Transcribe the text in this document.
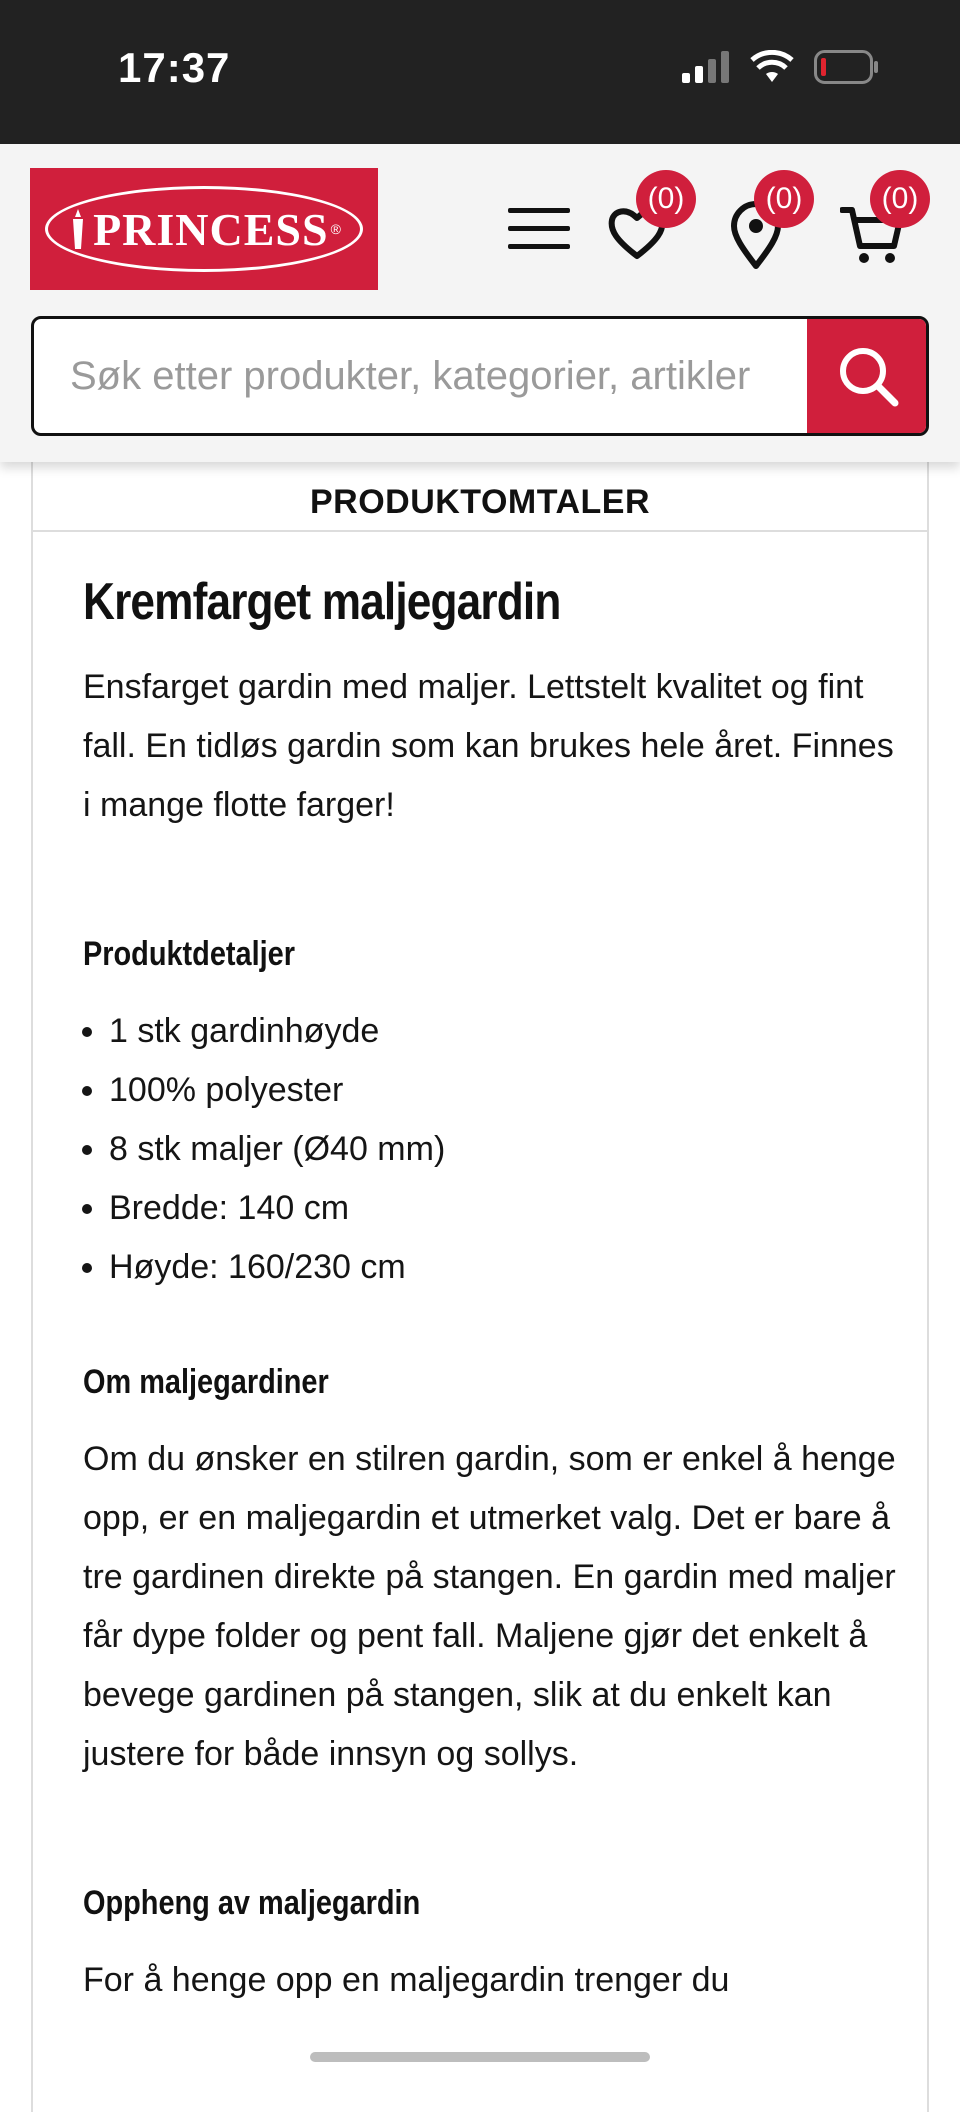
17:37
PRINCESS ®
(0)	(0)	(0)
Søk etter produkter, kategorier, artikler
PRODUKTOMTALER
Kremfarget maljegardin

Ensfarget gardin med maljer. Lettstelt kvalitet og fint fall. En tidløs gardin som kan brukes hele året. Finnes i mange flotte farger!

Produktdetaljer
• 1 stk gardinhøyde
• 100% polyester
• 8 stk maljer (Ø40 mm)
• Bredde: 140 cm
• Høyde: 160/230 cm
Om maljegardiner

Om du ønsker en stilren gardin, som er enkel å henge opp, er en maljegardin et utmerket valg. Det er bare å tre gardinen direkte på stangen. En gardin med maljer får dype folder og pent fall. Maljene gjør det enkelt å bevege gardinen på stangen, slik at du enkelt kan justere for både innsyn og sollys.

Oppheng av maljegardin

For å henge opp en maljegardin trenger du
